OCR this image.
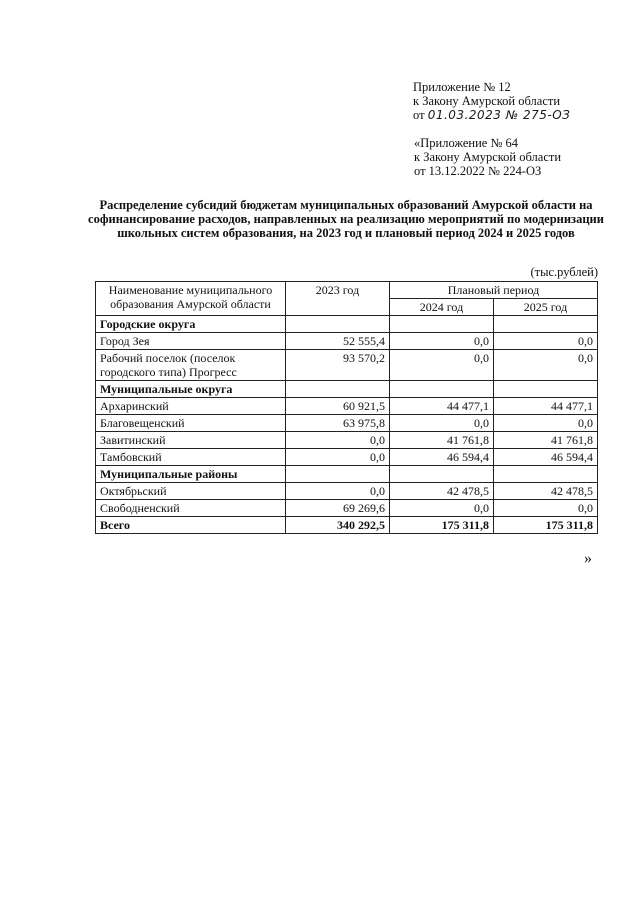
Приложение № 12
к Закону Амурской области
от 01.03.2023 № 275-ОЗ
«Приложение № 64
к Закону Амурской области
от 13.12.2022 № 224-ОЗ
Распределение субсидий бюджетам муниципальных образований Амурской области на софинансирование расходов, направленных на реализацию мероприятий по модернизации школьных систем образования, на 2023 год и плановый период 2024 и 2025 годов
(тыс.рублей)
Наименование муниципального образования Амурской области	2023 год	Плановый период	
		2024 год	2025 год
Городские округа			
Город Зея	52 555,4	0,0	0,0
Рабочий поселок (поселок городского типа) Прогресс	93 570,2	0,0	0,0
Муниципальные округа			
Архаринский	60 921,5	44 477,1	44 477,1
Благовещенский	63 975,8	0,0	0,0
Завитинский	0,0	41 761,8	41 761,8
Тамбовский	0,0	46 594,4	46 594,4
Муниципальные районы			
Октябрьский	0,0	42 478,5	42 478,5
Свободненский	69 269,6	0,0	0,0
Всего	340 292,5	175 311,8	175 311,8
»
